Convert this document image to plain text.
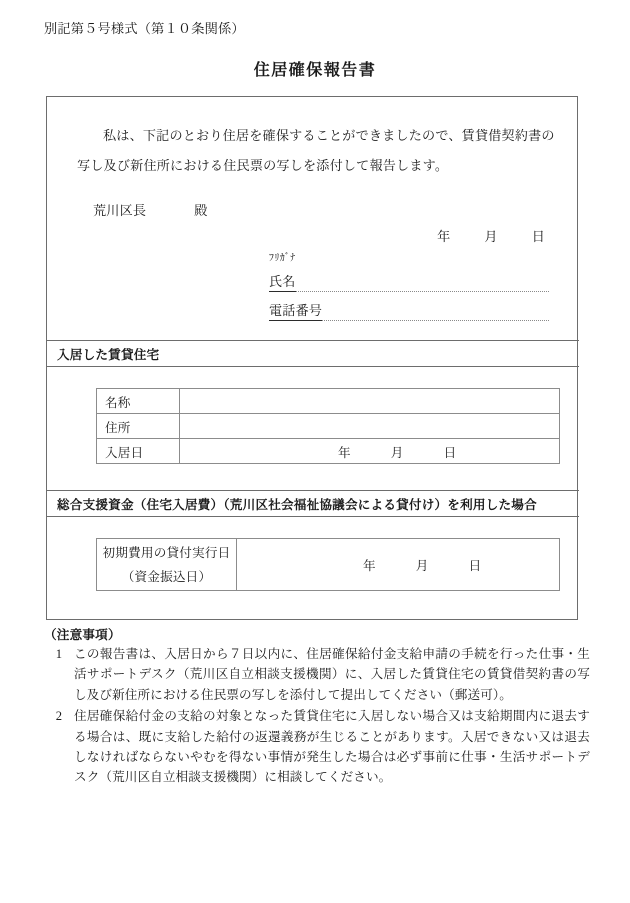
別記第５号様式（第１０条関係）
住居確保報告書
私は、下記のとおり住居を確保することができましたので、賃貸借契約書の写し及び新住所における住民票の写しを添付して報告します。
荒川区長	殿
年	月	日
ﾌﾘｶﾞﾅ
氏名
電話番号
入居した賃貸住宅
名称	
住所	
入居日	年 月 日
総合支援資金（住宅入居費）（荒川区社会福祉協議会による貸付け）を利用した場合
初期費用の貸付実行日
（資金振込日）

年	月	日
（注意事項）
1 この報告書は、入居日から７日以内に、住居確保給付金支給申請の手続を行った仕事・生活サポートデスク（荒川区自立相談支援機関）に、入居した賃貸住宅の賃貸借契約書の写し及び新住所における住民票の写しを添付して提出してください（郵送可）。
2 住居確保給付金の支給の対象となった賃貸住宅に入居しない場合又は支給期間内に退去する場合は、既に支給した給付の返還義務が生じることがあります。入居できない又は退去しなければならないやむを得ない事情が発生した場合は必ず事前に仕事・生活サポートデスク（荒川区自立相談支援機関）に相談してください。
